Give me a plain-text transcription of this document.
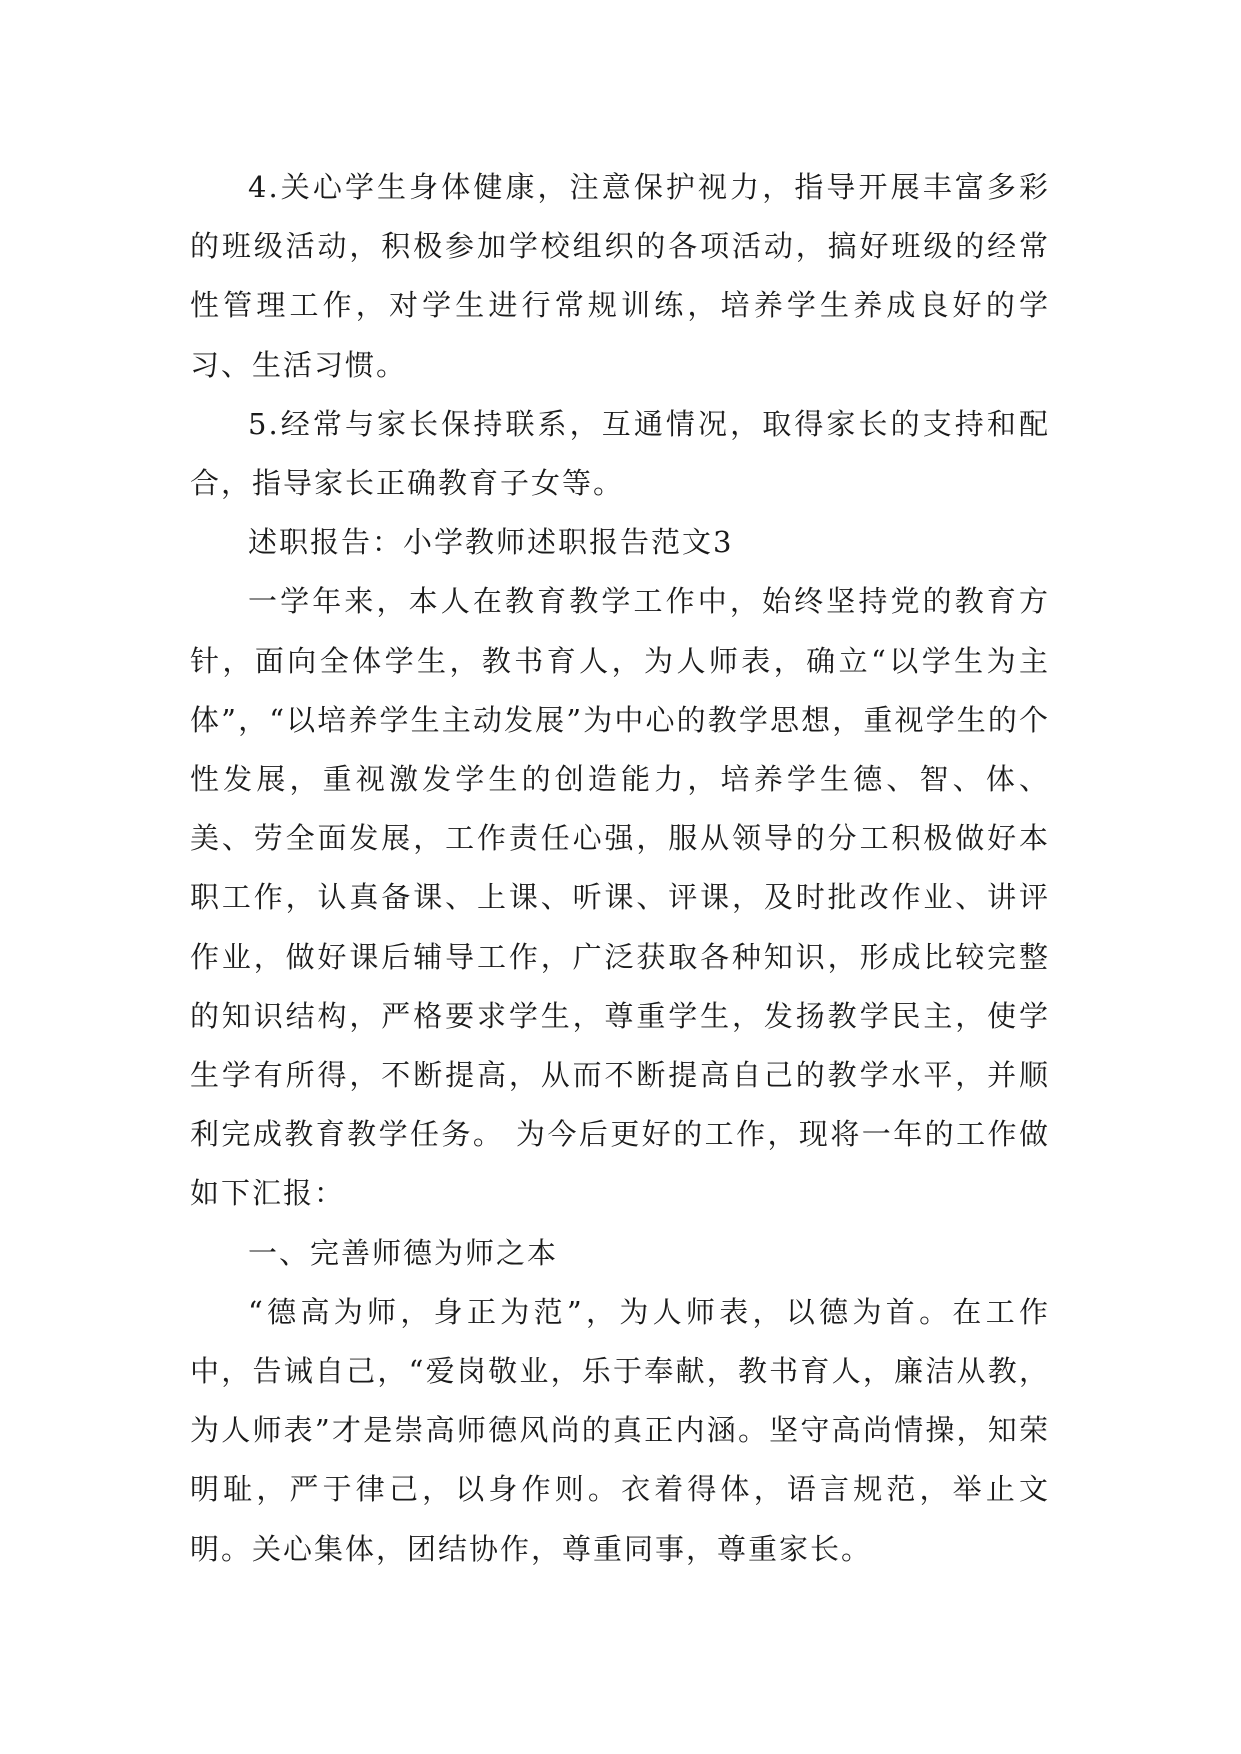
4.关心学生身体健康，注意保护视力，指导开展丰富多彩的班级活动，积极参加学校组织的各项活动，搞好班级的经常性管理工作，对学生进行常规训练，培养学生养成良好的学习、生活习惯。

5.经常与家长保持联系，互通情况，取得家长的支持和配合，指导家长正确教育子女等。

述职报告：小学教师述职报告范文3

一学年来，本人在教育教学工作中，始终坚持党的教育方针，面向全体学生，教书育人，为人师表，确立“以学生为主体”，“以培养学生主动发展”为中心的教学思想，重视学生的个性发展，重视激发学生的创造能力，培养学生德、智、体、美、劳全面发展，工作责任心强，服从领导的分工积极做好本职工作，认真备课、上课、听课、评课，及时批改作业、讲评作业，做好课后辅导工作，广泛获取各种知识，形成比较完整的知识结构，严格要求学生，尊重学生，发扬教学民主，使学生学有所得，不断提高，从而不断提高自己的教学水平，并顺利完成教育教学任务。 为今后更好的工作，现将一年的工作做如下汇报：

一、完善师德为师之本

“德高为师，身正为范”，为人师表，以德为首。在工作中，告诫自己，“爱岗敬业，乐于奉献，教书育人，廉洁从教，为人师表”才是崇高师德风尚的真正内涵。坚守高尚情操，知荣明耻，严于律己，以身作则。衣着得体，语言规范，举止文明。关心集体，团结协作，尊重同事，尊重家长。
